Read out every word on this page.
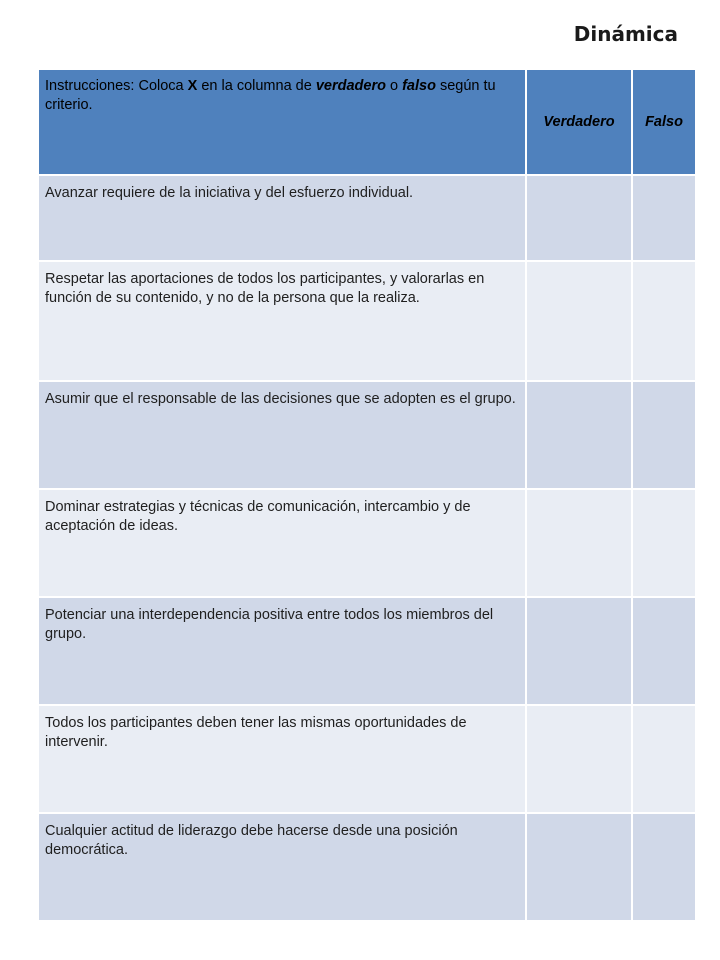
Dinámica
Instrucciones: Coloca X en la columna de verdadero o falso según tu criterio.	Verdadero	Falso
Avanzar requiere de la iniciativa y del esfuerzo individual.		
Respetar las aportaciones de todos los participantes, y valorarlas en función de su contenido, y no de la persona que la realiza.		
Asumir que el responsable de las decisiones que se adopten es el grupo.		
Dominar estrategias y técnicas de comunicación, intercambio y de aceptación de ideas.		
Potenciar una interdependencia positiva entre todos los miembros del grupo.		
Todos los participantes deben tener las mismas oportunidades de intervenir.		
Cualquier actitud de liderazgo debe hacerse desde una posición democrática.		
